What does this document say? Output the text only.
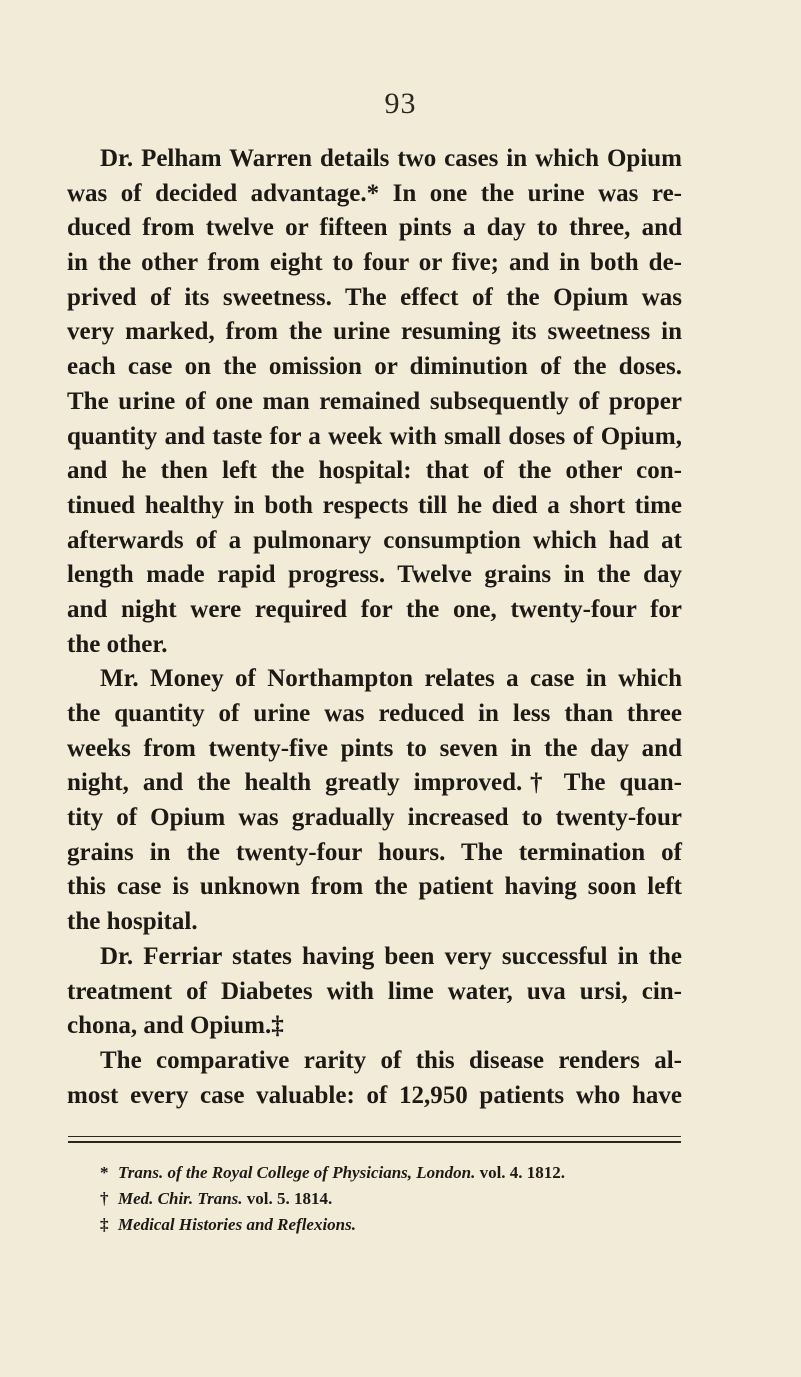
93
Dr. Pelham Warren details two cases in which Opium
was of decided advantage.* In one the urine was re-
duced from twelve or fifteen pints a day to three, and
in the other from eight to four or five; and in both de-
prived of its sweetness. The effect of the Opium was
very marked, from the urine resuming its sweetness in
each case on the omission or diminution of the doses.
The urine of one man remained subsequently of proper
quantity and taste for a week with small doses of Opium,
and he then left the hospital: that of the other con-
tinued healthy in both respects till he died a short time
afterwards of a pulmonary consumption which had at
length made rapid progress. Twelve grains in the day
and night were required for the one, twenty-four for
the other.
Mr. Money of Northampton relates a case in which
the quantity of urine was reduced in less than three
weeks from twenty-five pints to seven in the day and
night, and the health greatly improved.† The quan-
tity of Opium was gradually increased to twenty-four
grains in the twenty-four hours. The termination of
this case is unknown from the patient having soon left
the hospital.
Dr. Ferriar states having been very successful in the
treatment of Diabetes with lime water, uva ursi, cin-
chona, and Opium.‡
The comparative rarity of this disease renders al-
most every case valuable: of 12,950 patients who have
* Trans. of the Royal College of Physicians, London. vol. 4. 1812.
† Med. Chir. Trans. vol. 5. 1814.
‡ Medical Histories and Reflexions.
